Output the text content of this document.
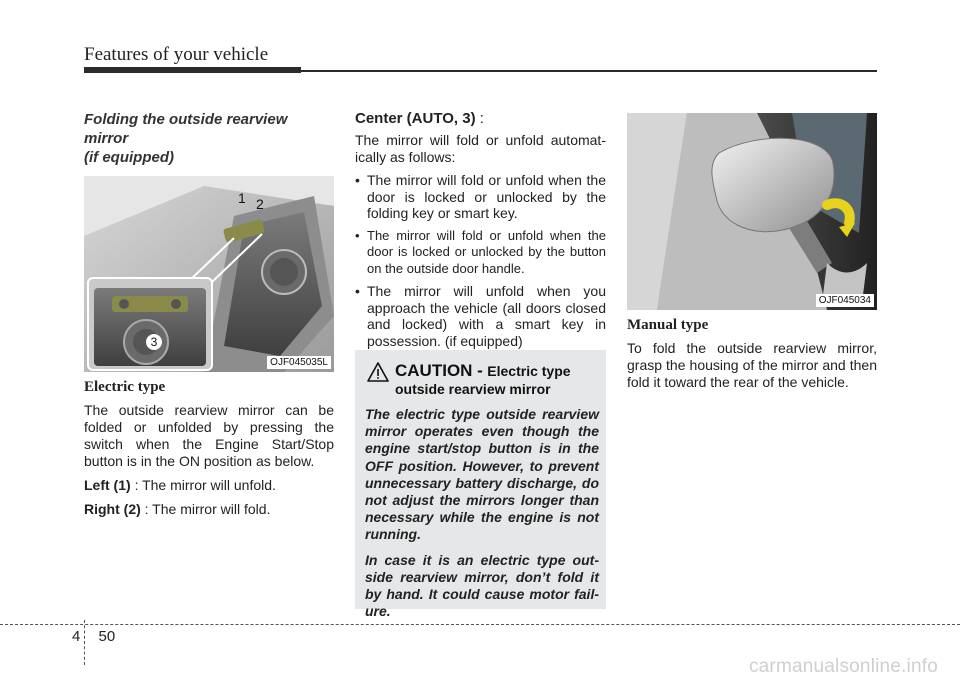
Features of your vehicle
Folding the outside rearview mirror
(if equipped)
1 2
3
OJF045035L
Electric type

The outside rearview mirror can be folded or unfolded by pressing the switch when the Engine Start/Stop button is in the ON position as below.

Left (1) : The mirror will unfold.

Right (2) : The mirror will fold.

Center (AUTO, 3) :

The mirror will fold or unfold automat-ically as follows:

• The mirror will fold or unfold when the door is locked or unlocked by the folding key or smart key.
• The mirror will fold or unfold when the door is locked or unlocked by the button on the outside door handle.
• The mirror will unfold when you approach the vehicle (all doors closed and locked) with a smart key in possession. (if equipped)
CAUTION - Electric type
outside rearview mirror

The electric type outside rearview mirror operates even though the engine start/stop button is in the OFF position. However, to prevent unnecessary battery discharge, do not adjust the mirrors longer than necessary while the engine is not running.

In case it is an electric type out-side rearview mirror, don’t fold it by hand. It could cause motor fail-ure.

OJF045034
Manual type

To fold the outside rearview mirror, grasp the housing of the mirror and then fold it toward the rear of the vehicle.

4 50
carmanualsonline.info
